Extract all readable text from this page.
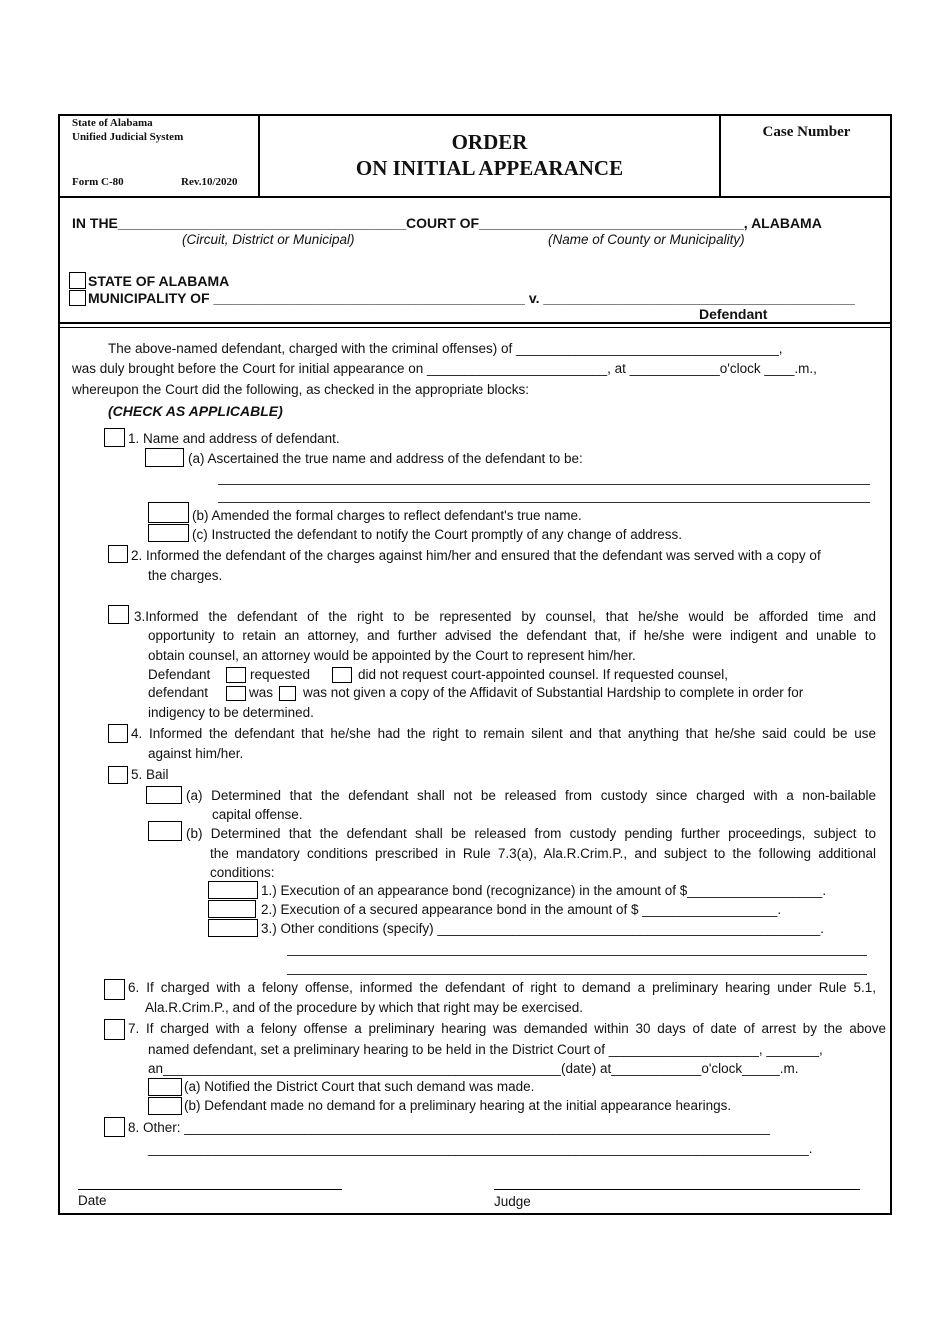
State of Alabama
Unified Judicial System
Form C-80	Rev.10/2020
ORDER
ON INITIAL APPEARANCE
Case Number
IN THE_____________________________________COURT OF__________________________________, ALABAMA
(Circuit, District or Municipal)	(Name of County or Municipality)
STATE OF ALABAMA
MUNICIPALITY OF ________________________________________ v. ________________________________________
Defendant
The above-named defendant, charged with the criminal offenses) of ___________________________________,
was duly brought before the Court for initial appearance on ________________________, at ____________o'clock ____.m.,
whereupon the Court did the following, as checked in the appropriate blocks:
(CHECK AS APPLICABLE)
1. Name and address of defendant.
(a) Ascertained the true name and address of the defendant to be:
(b) Amended the formal charges to reflect defendant's true name.
(c) Instructed the defendant to notify the Court promptly of any change of address.
2. Informed the defendant of the charges against him/her and ensured that the defendant was served with a copy of
the charges.
3.Informed the defendant of the right to be represented by counsel, that he/she would be afforded time and
opportunity to retain an attorney, and further advised the defendant that, if he/she were indigent and unable to
obtain counsel, an attorney would be appointed by the Court to represent him/her.
Defendant	requested	did not request court-appointed counsel. If requested counsel,
defendant	was was not given a copy of the Affidavit of Substantial Hardship to complete in order for
indigency to be determined.
4. Informed the defendant that he/she had the right to remain silent and that anything that he/she said could be use
against him/her.
5. Bail
(a) Determined that the defendant shall not be released from custody since charged with a non-bailable
capital offense.
(b) Determined that the defendant shall be released from custody pending further proceedings, subject to
the mandatory conditions prescribed in Rule 7.3(a), Ala.R.Crim.P., and subject to the following additional
conditions:
1.) Execution of an appearance bond (recognizance) in the amount of $__________________.
2.) Execution of a secured appearance bond in the amount of $ __________________.
3.) Other conditions (specify) ___________________________________________________.
6. If charged with a felony offense, informed the defendant of right to demand a preliminary hearing under Rule 5.1,
Ala.R.Crim.P., and of the procedure by which that right may be exercised.
7. If charged with a felony offense a preliminary hearing was demanded within 30 days of date of arrest by the above
named defendant, set a preliminary hearing to be held in the District Court of ____________________, _______,
an_____________________________________________________(date) at____________o'clock_____.m.
(a) Notified the District Court that such demand was made.
(b) Defendant made no demand for a preliminary hearing at the initial appearance hearings.
8. Other: ______________________________________________________________________________
________________________________________________________________________________________.
Date	Judge
